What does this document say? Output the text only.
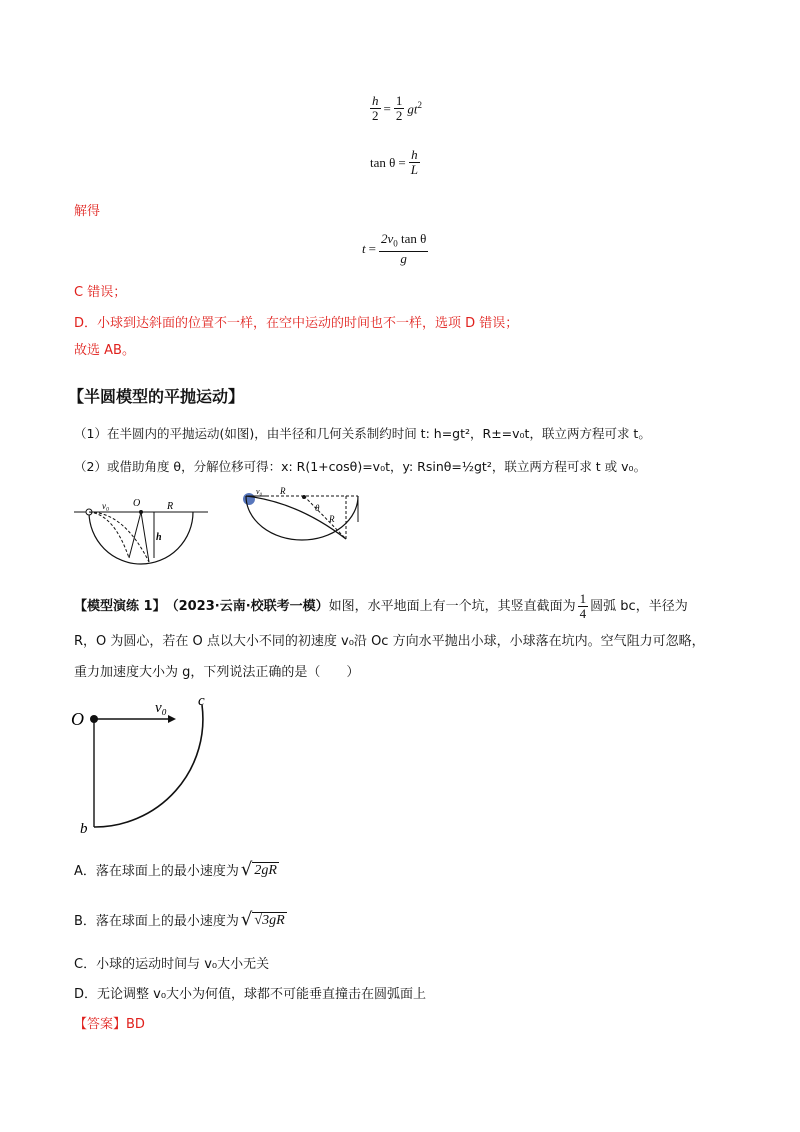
$\frac{h}{2} = \frac{1}{2} gt^2$
$\tan \theta = \frac{h}{L}$
解得
$t = \frac{2v_0 \tan \theta}{g}$
C 错误；
D．小球到达斜面的位置不一样，在空中运动的时间也不一样，选项 D 错误；
故选 AB。
【半圆模型的平抛运动】
（1）在半圆内的平抛运动(如图)，由半径和几何关系制约时间 t: h=gt²，R±=v₀t，联立两方程可求 t。
（2）或借助角度 θ，分解位移可得：x: R(1+cosθ)=v₀t，y: Rsinθ=½gt²，联立两方程可求 t 或 v₀。
v₀ O	R
h
v₀ R
θ
R
【模型演练 1】 （2023·云南·校联考一模） 如图，水平地面上有一个坑，其竖直截面为 $\frac{1}{4}$ 圆弧 bc，半径为
R，O 为圆心，若在 O 点以大小不同的初速度 v₀沿 Oc 方向水平抛出小球，小球落在坑内。空气阻力可忽略，
重力加速度大小为 g，下列说法正确的是（　　）
O
v₀ c
b
A．落在球面上的最小速度为 √ 2gR
B．落在球面上的最小速度为 √ √3gR
C．小球的运动时间与 v₀大小无关
D．无论调整 v₀大小为何值，球都不可能垂直撞击在圆弧面上
【答案】BD
